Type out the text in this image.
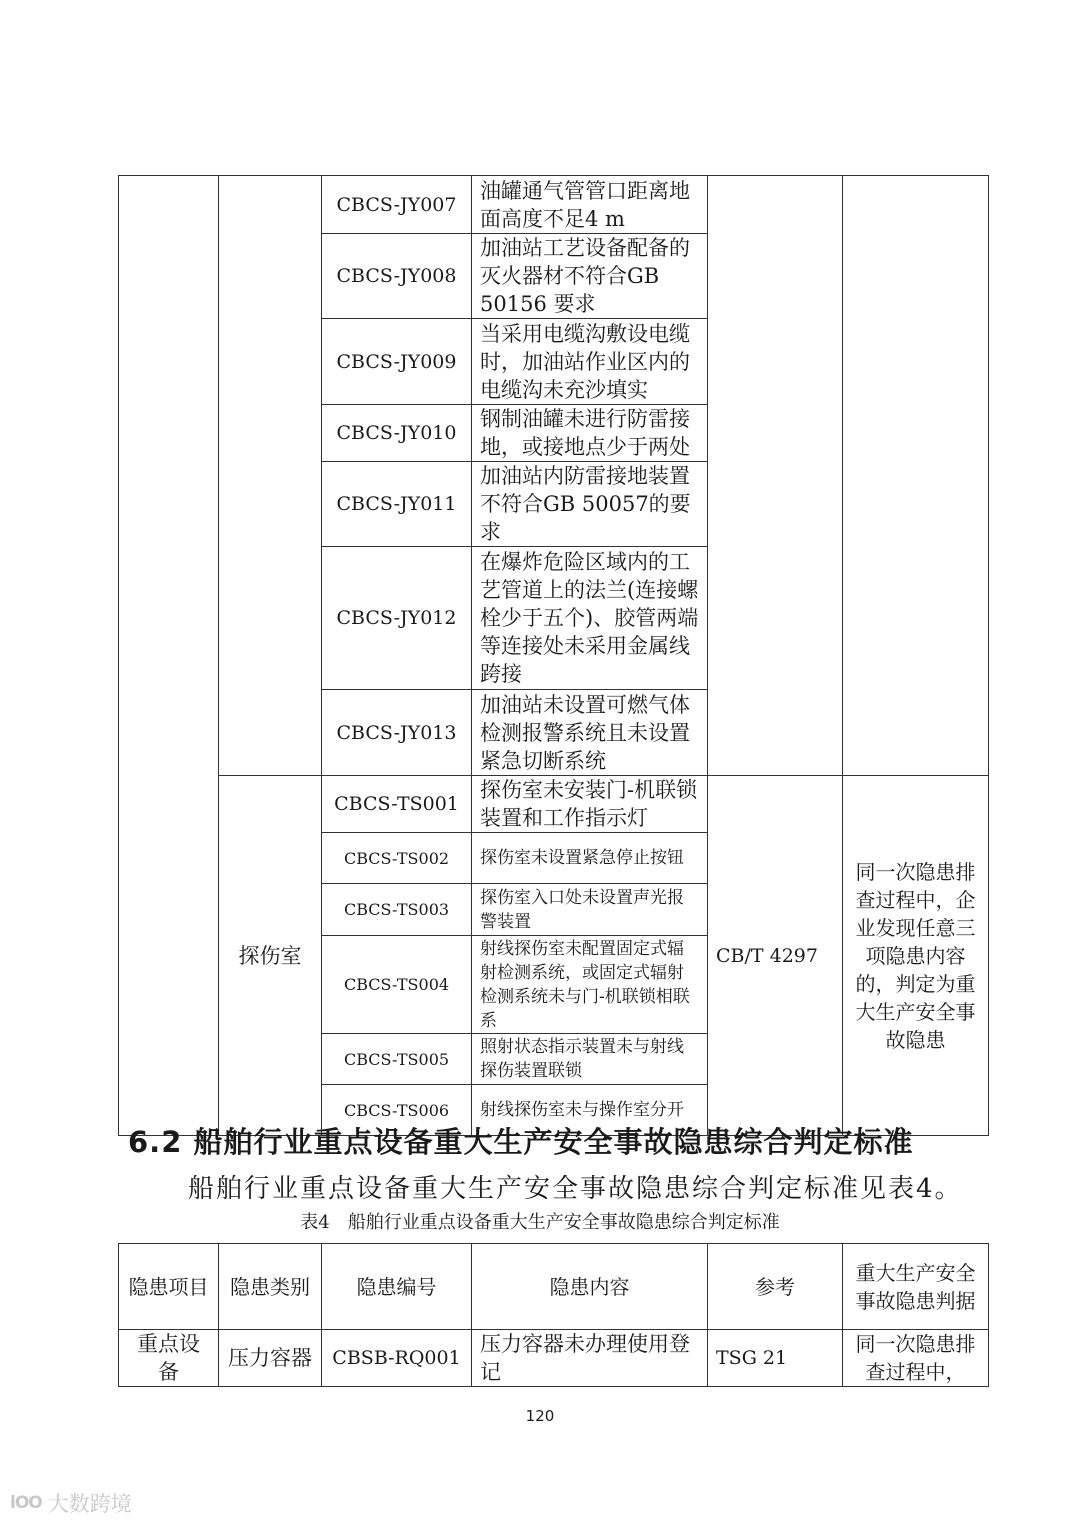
		CBCS-JY007	油罐通气管管口距离地面高度不足4 m		
		CBCS-JY008	加油站工艺设备配备的灭火器材不符合GB 50156 要求		
		CBCS-JY009	当采用电缆沟敷设电缆时，加油站作业区内的电缆沟未充沙填实		
		CBCS-JY010	钢制油罐未进行防雷接地，或接地点少于两处		
		CBCS-JY011	加油站内防雷接地装置不符合GB 50057的要求		
		CBCS-JY012	在爆炸危险区域内的工艺管道上的法兰(连接螺栓少于五个)、胶管两端等连接处未采用金属线跨接		
		CBCS-JY013	加油站未设置可燃气体检测报警系统且未设置紧急切断系统		
	探伤室	CBCS-TS001	探伤室未安装门-机联锁装置和工作指示灯	CB/T 4297	同一次隐患排查过程中，企业发现任意三项隐患内容的，判定为重大生产安全事故隐患
		CBCS-TS002	探伤室未设置紧急停止按钮		
		CBCS-TS003	探伤室入口处未设置声光报警装置		
		CBCS-TS004	射线探伤室未配置固定式辐射检测系统，或固定式辐射检测系统未与门-机联锁相联系		
		CBCS-TS005	照射状态指示装置未与射线探伤装置联锁		
		CBCS-TS006	射线探伤室未与操作室分开		
6.2 船舶行业重点设备重大生产安全事故隐患综合判定标准

船舶行业重点设备重大生产安全事故隐患综合判定标准见表4。

表4　船舶行业重点设备重大生产安全事故隐患综合判定标准

隐患项目	隐患类别	隐患编号	隐患内容	参考	重大生产安全事故隐患判据
重点设备	压力容器	CBSB-RQ001	压力容器未办理使用登记	TSG 21	同一次隐患排查过程中，
120
lOO 大数跨境
